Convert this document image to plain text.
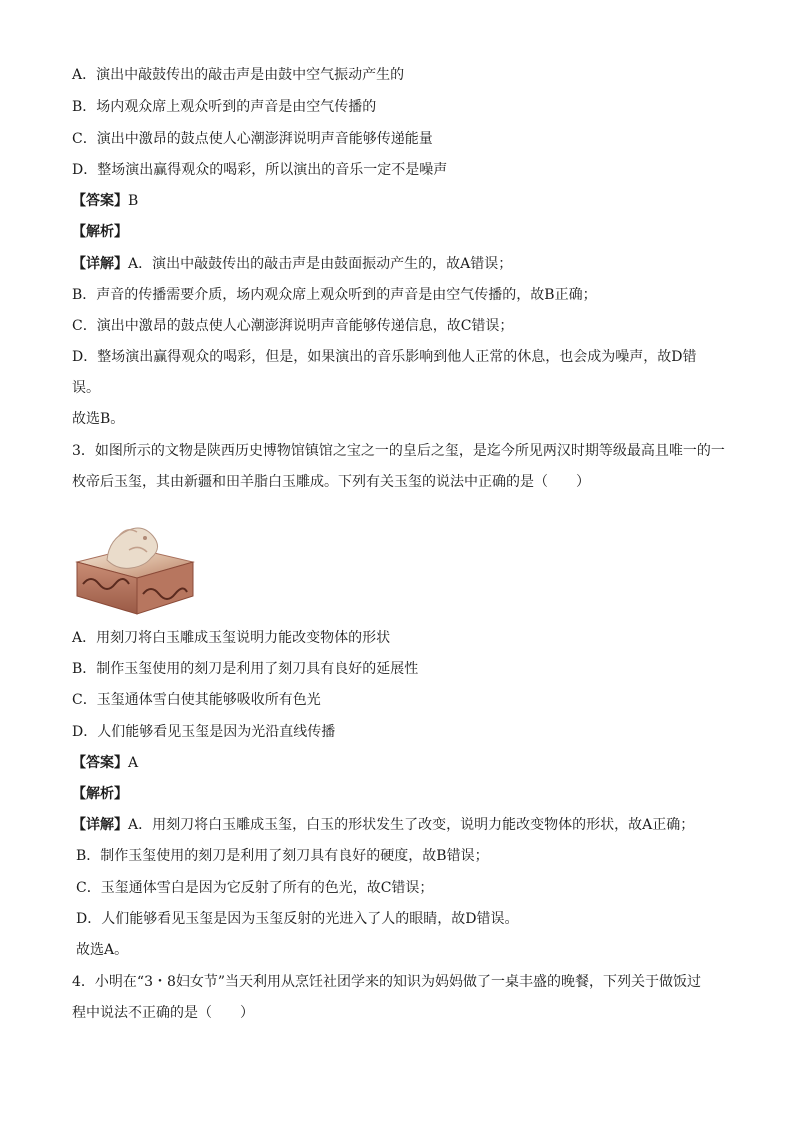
A．演出中敲鼓传出的敲击声是由鼓中空气振动产生的
B．场内观众席上观众听到的声音是由空气传播的
C．演出中激昂的鼓点使人心潮澎湃说明声音能够传递能量
D．整场演出赢得观众的喝彩，所以演出的音乐一定不是噪声
【答案】B
【解析】
【详解】A．演出中敲鼓传出的敲击声是由鼓面振动产生的，故A错误；
B．声音的传播需要介质，场内观众席上观众听到的声音是由空气传播的，故B正确；
C．演出中激昂的鼓点使人心潮澎湃说明声音能够传递信息，故C错误；
D．整场演出赢得观众的喝彩，但是，如果演出的音乐影响到他人正常的休息，也会成为噪声，故D错
误。
故选B。
3．如图所示的文物是陕西历史博物馆镇馆之宝之一的皇后之玺，是迄今所见两汉时期等级最高且唯一的一
枚帝后玉玺，其由新疆和田羊脂白玉雕成。下列有关玉玺的说法中正确的是（　　）
A．用刻刀将白玉雕成玉玺说明力能改变物体的形状
B．制作玉玺使用的刻刀是利用了刻刀具有良好的延展性
C．玉玺通体雪白使其能够吸收所有色光
D．人们能够看见玉玺是因为光沿直线传播
【答案】A
【解析】
【详解】A．用刻刀将白玉雕成玉玺，白玉的形状发生了改变，说明力能改变物体的形状，故A正确；
B．制作玉玺使用的刻刀是利用了刻刀具有良好的硬度，故B错误；
C．玉玺通体雪白是因为它反射了所有的色光，故C错误；
D．人们能够看见玉玺是因为玉玺反射的光进入了人的眼睛，故D错误。
故选A。
4．小明在“3・8妇女节”当天利用从烹饪社团学来的知识为妈妈做了一桌丰盛的晚餐，下列关于做饭过
程中说法不正确的是（　　）
